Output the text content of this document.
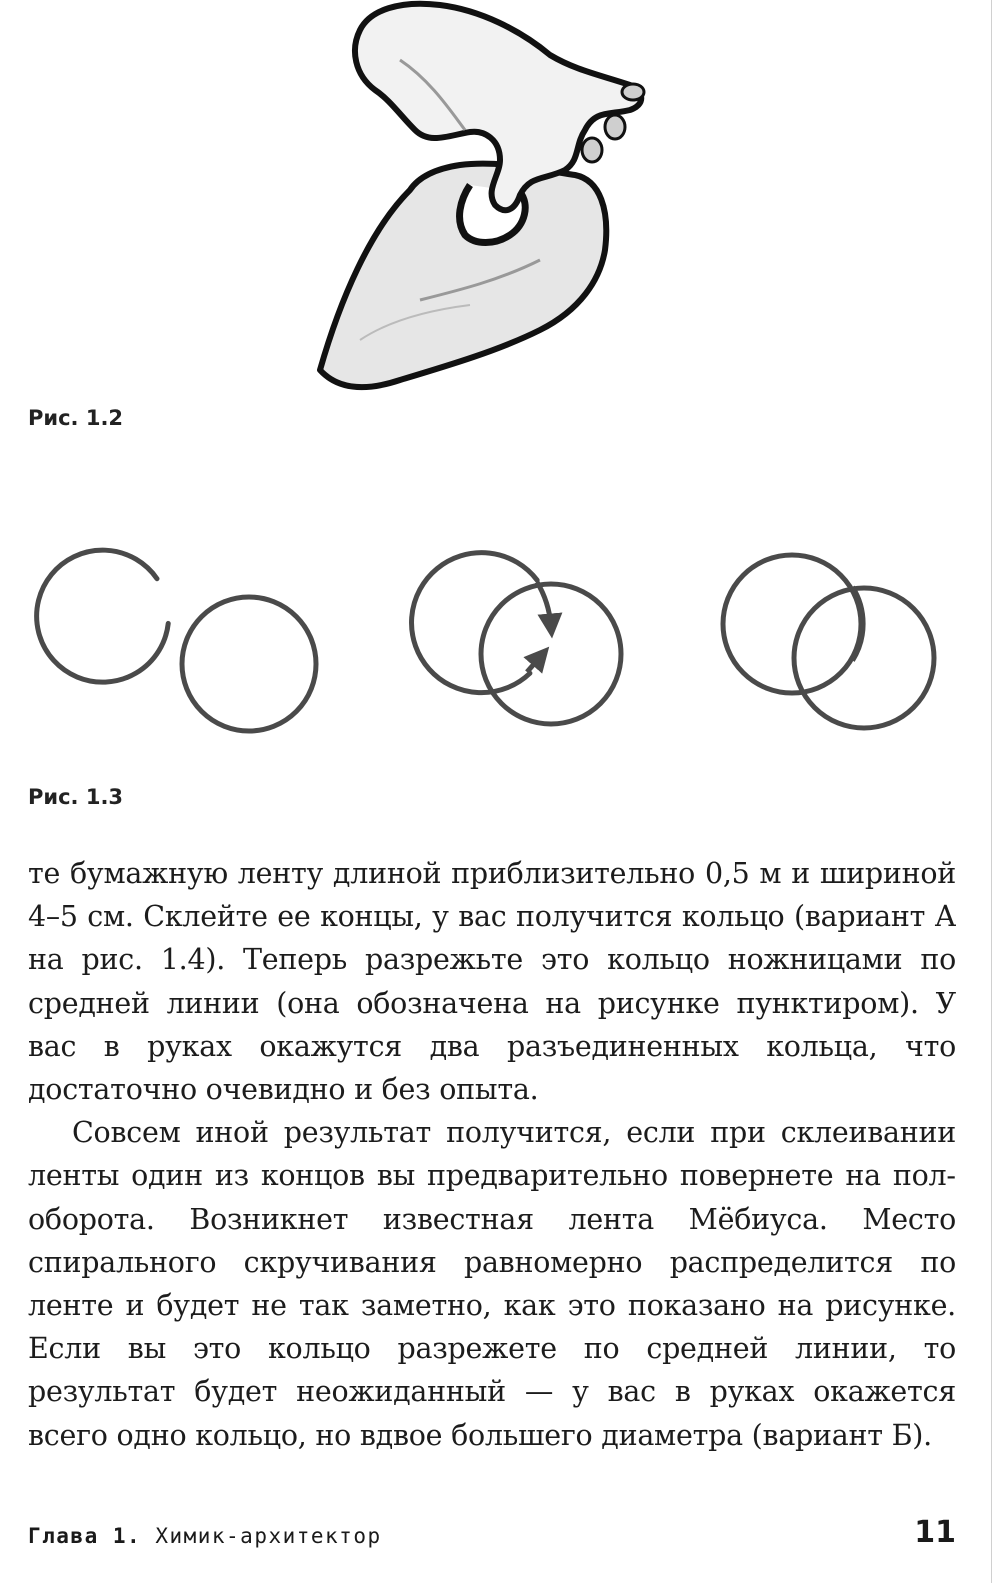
Рис. 1.2
Рис. 1.3

те бумажную ленту длиной приблизительно 0,5 м и шириной 4–5 см. Склейте ее концы, у вас получится кольцо (вариант А на рис. 1.4). Теперь разрежьте это кольцо ножницами по средней линии (она обозначена на рисунке пунктиром). У вас в руках окажутся два разъединенных кольца, что достаточно очевидно и без опыта.

Совсем иной результат получится, если при склеивании ленты один из концов вы предварительно повернете на полоборота. Возникнет известная лента Мёбиуса. Место спирального скручивания равномерно распределится по ленте и будет не так заметно, как это показано на рисунке. Если вы это кольцо разрежете по средней линии, то результат будет неожиданный — у вас в руках окажется всего одно кольцо, но вдвое большего диаметра (вариант Б).

Глава 1. Химик-архитектор	11
